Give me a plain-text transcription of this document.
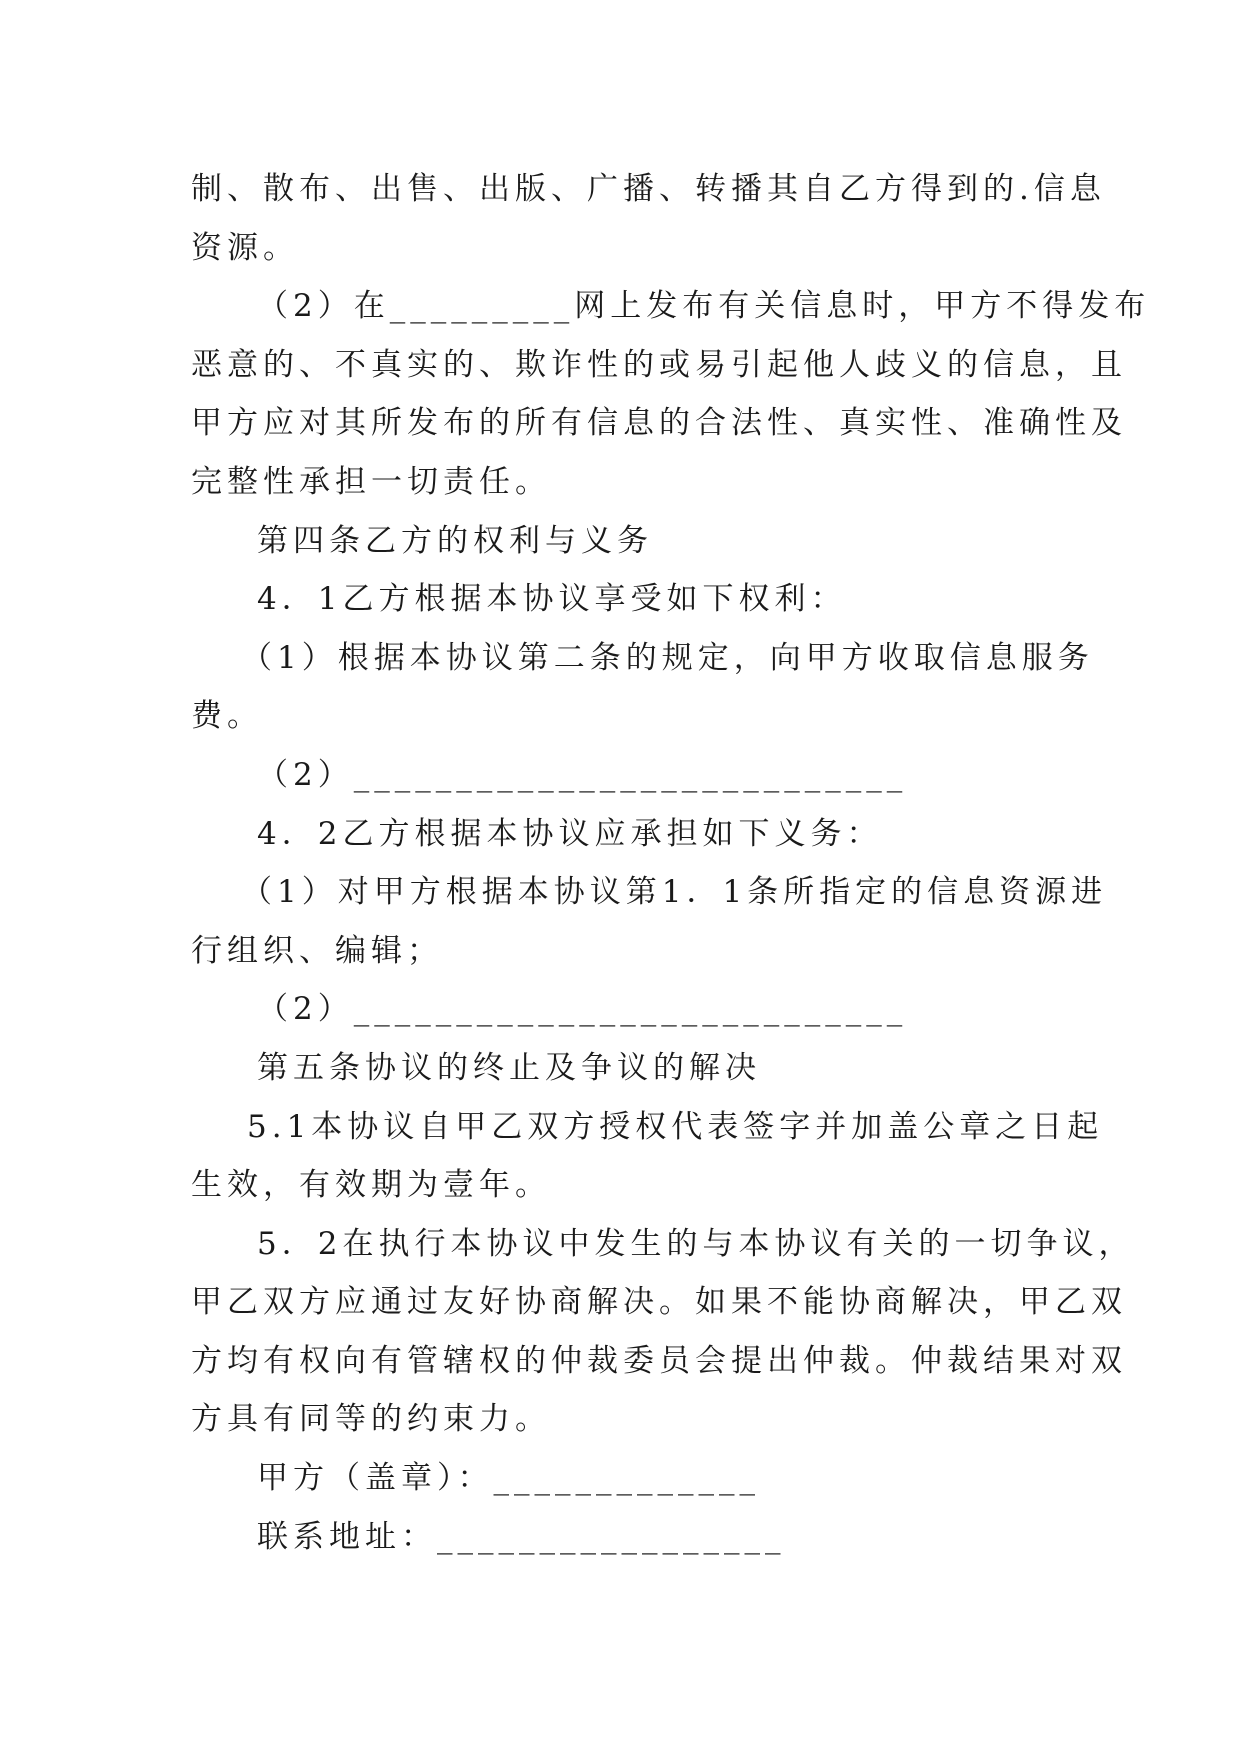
制、散布、出售、出版、广播、转播其自乙方得到的.信息
资源。
（2）在_________网上发布有关信息时，甲方不得发布
恶意的、不真实的、欺诈性的或易引起他人歧义的信息，且
甲方应对其所发布的所有信息的合法性、真实性、准确性及
完整性承担一切责任。
第四条乙方的权利与义务
4．1乙方根据本协议享受如下权利：
（1）根据本协议第二条的规定，向甲方收取信息服务
费。
（2）___________________________
4．2乙方根据本协议应承担如下义务：
（1）对甲方根据本协议第1．1条所指定的信息资源进
行组织、编辑；
（2）___________________________
第五条协议的终止及争议的解决
5.1本协议自甲乙双方授权代表签字并加盖公章之日起
生效，有效期为壹年。
5．2在执行本协议中发生的与本协议有关的一切争议，
甲乙双方应通过友好协商解决。如果不能协商解决，甲乙双
方均有权向有管辖权的仲裁委员会提出仲裁。仲裁结果对双
方具有同等的约束力。
甲方（盖章）：_____________
联系地址：_________________
